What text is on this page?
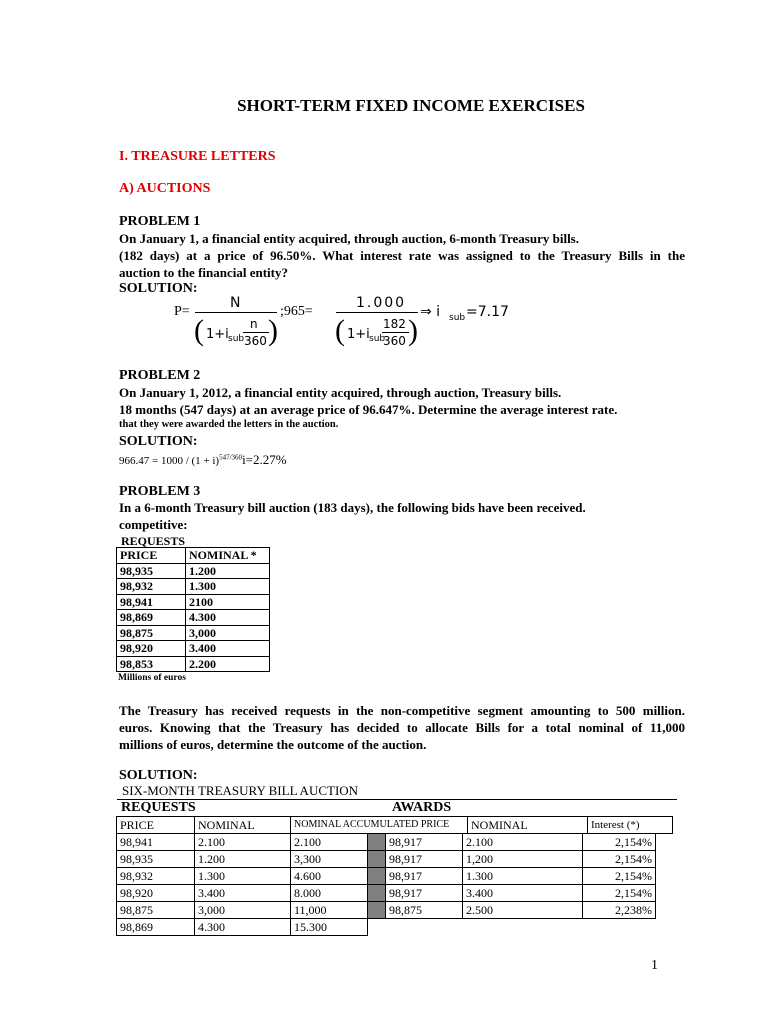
SHORT-TERM FIXED INCOME EXERCISES
I. TREASURE LETTERS
A) AUCTIONS
PROBLEM 1
On January 1, a financial entity acquired, through auction, 6-month Treasury bills.
(182 days) at a price of 96.50%. What interest rate was assigned to the Treasury Bills in the
auction to the financial entity?
SOLUTION:
P=
N
( 1+i sub
n
360 )
;965=
1.000
( 1+i sub
182
360 )
⇒ i sub =7.17
PROBLEM 2
On January 1, 2012, a financial entity acquired, through auction, Treasury bills.
18 months (547 days) at an average price of 96.647%. Determine the average interest rate.
that they were awarded the letters in the auction.
SOLUTION:
$966.47 = 1000 / (1 + i)^{547/360}i=2.27\%$
PROBLEM 3
In a 6-month Treasury bill auction (183 days), the following bids have been received.
competitive:
REQUESTS
PRICE	NOMINAL *
98,935	1.200
98,932	1.300
98,941	2100
98,869	4.300
98,875	3,000
98,920	3.400
98,853	2.200
Millions of euros
The Treasury has received requests in the non-competitive segment amounting to 500 million.
euros. Knowing that the Treasury has decided to allocate Bills for a total nominal of 11,000
millions of euros, determine the outcome of the auction.
SOLUTION:
SIX-MONTH TREASURY BILL AUCTION
REQUESTS	AWARDS
PRICE	NOMINAL	NOMINAL ACCUMULATED PRICE	NOMINAL	Interest (*)
98,941	2.100	2.100		98,917	2.100	2,154%
98,935	1.200	3,300		98,917	1,200	2,154%
98,932	1.300	4.600		98,917	1.300	2,154%
98,920	3.400	8.000		98,917	3.400	2,154%
98,875	3,000	11,000		98,875	2.500	2,238%
98,869	4.300	15.300
1
